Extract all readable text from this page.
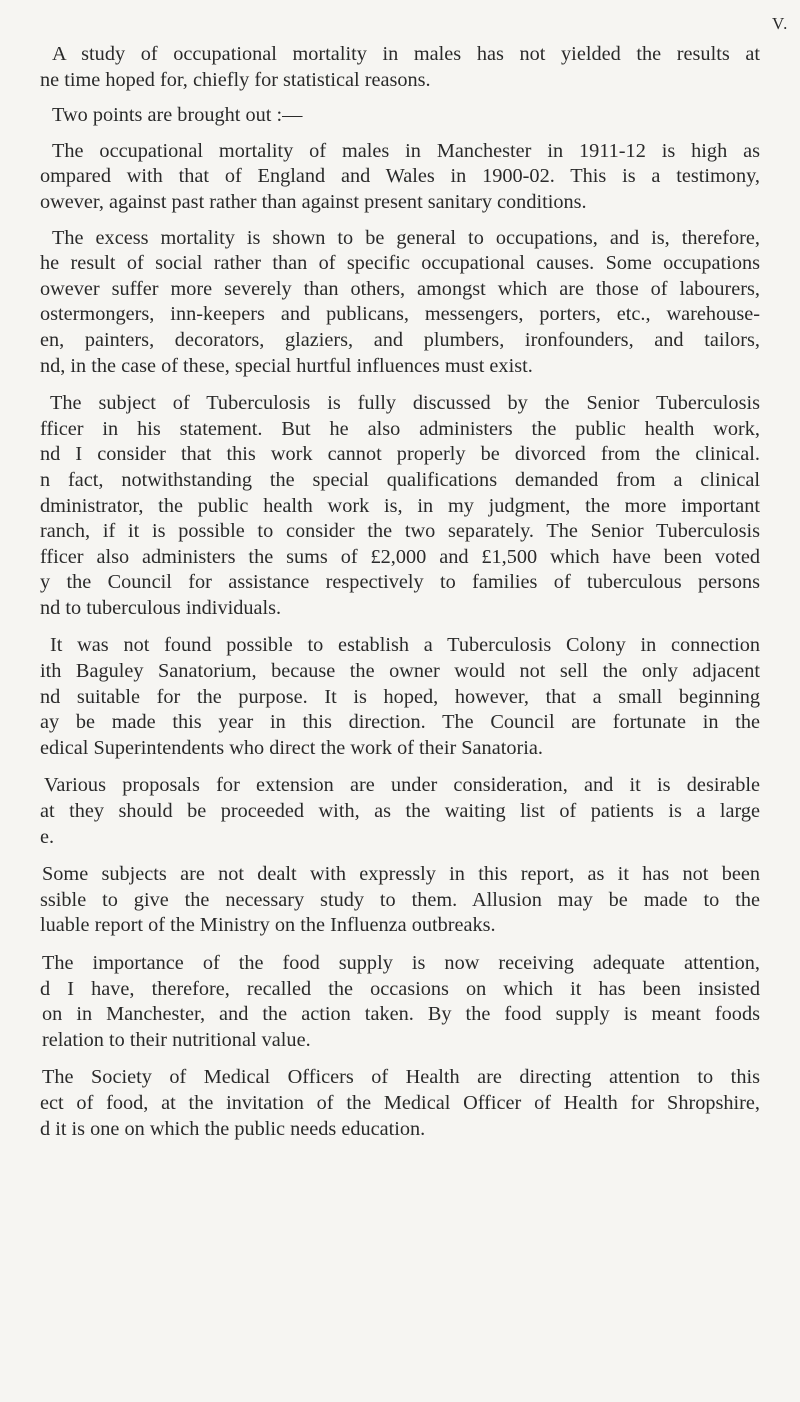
V.
A study of occupational mortality in males has not yielded the results at
ne time hoped for, chiefly for statistical reasons.
Two points are brought out :—
The occupational mortality of males in Manchester in 1911-12 is high as
ompared with that of England and Wales in 1900-02. This is a testimony,
owever, against past rather than against present sanitary conditions.
The excess mortality is shown to be general to occupations, and is, therefore,
he result of social rather than of specific occupational causes. Some occupations
owever suffer more severely than others, amongst which are those of labourers,
ostermongers, inn-keepers and publicans, messengers, porters, etc., warehouse-
en, painters, decorators, glaziers, and plumbers, ironfounders, and tailors,
nd, in the case of these, special hurtful influences must exist.
The subject of Tuberculosis is fully discussed by the Senior Tuberculosis
fficer in his statement. But he also administers the public health work,
nd I consider that this work cannot properly be divorced from the clinical.
n fact, notwithstanding the special qualifications demanded from a clinical
dministrator, the public health work is, in my judgment, the more important
ranch, if it is possible to consider the two separately. The Senior Tuberculosis
fficer also administers the sums of £2,000 and £1,500 which have been voted
y the Council for assistance respectively to families of tuberculous persons
nd to tuberculous individuals.
It was not found possible to establish a Tuberculosis Colony in connection
ith Baguley Sanatorium, because the owner would not sell the only adjacent
nd suitable for the purpose. It is hoped, however, that a small beginning
ay be made this year in this direction. The Council are fortunate in the
edical Superintendents who direct the work of their Sanatoria.
Various proposals for extension are under consideration, and it is desirable
at they should be proceeded with, as the waiting list of patients is a large
e.
Some subjects are not dealt with expressly in this report, as it has not been
ssible to give the necessary study to them. Allusion may be made to the
luable report of the Ministry on the Influenza outbreaks.
The importance of the food supply is now receiving adequate attention,
d I have, therefore, recalled the occasions on which it has been insisted
on in Manchester, and the action taken. By the food supply is meant foods
relation to their nutritional value.
The Society of Medical Officers of Health are directing attention to this
ect of food, at the invitation of the Medical Officer of Health for Shropshire,
d it is one on which the public needs education.
